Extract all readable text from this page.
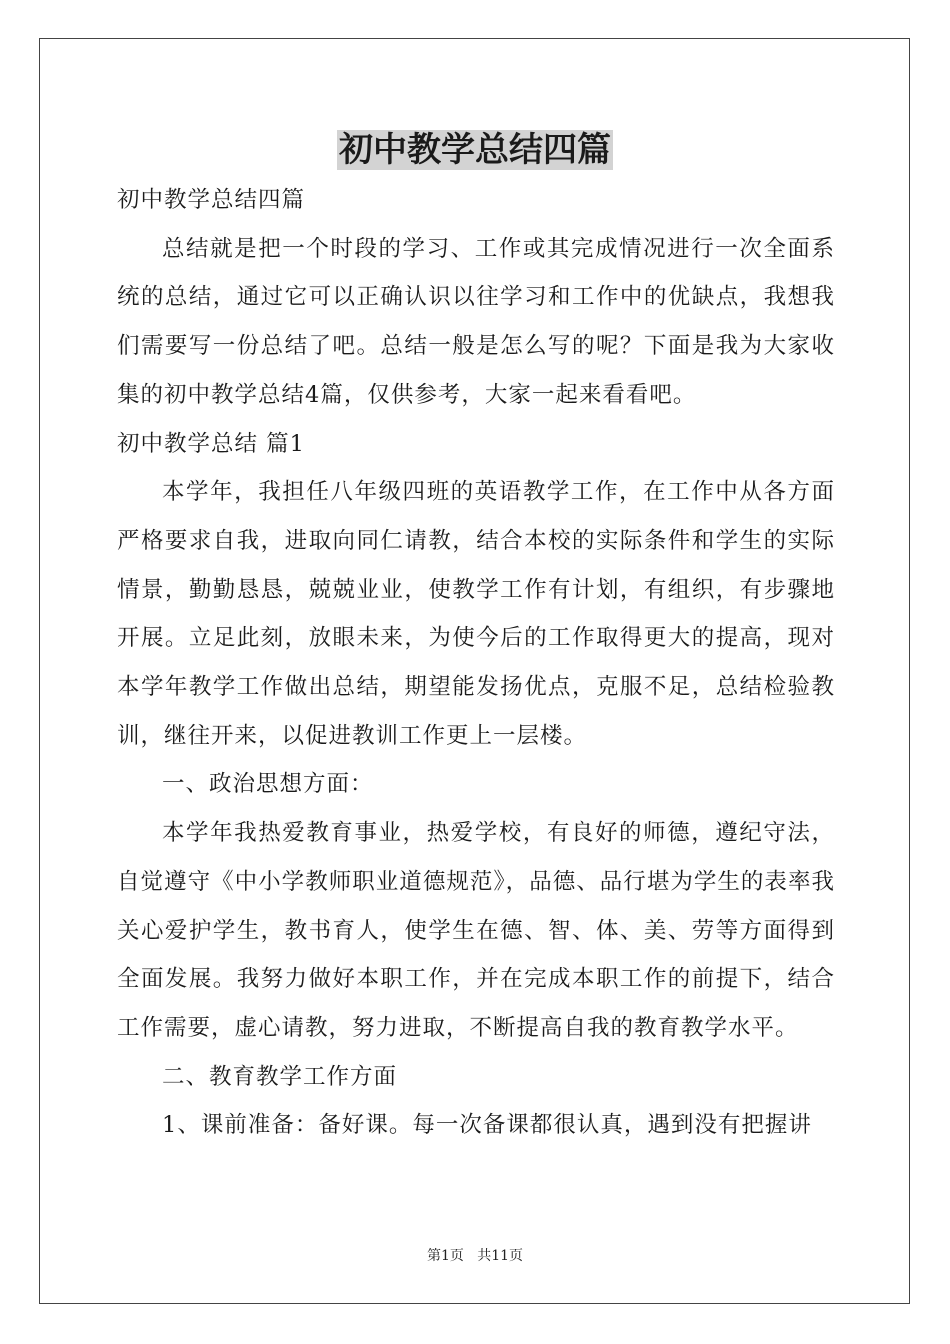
初中教学总结四篇

初中教学总结四篇

总结就是把一个时段的学习、工作或其完成情况进行一次全面系统的总结，通过它可以正确认识以往学习和工作中的优缺点，我想我们需要写一份总结了吧。总结一般是怎么写的呢？下面是我为大家收集的初中教学总结4篇，仅供参考，大家一起来看看吧。

初中教学总结 篇1

本学年，我担任八年级四班的英语教学工作，在工作中从各方面严格要求自我，进取向同仁请教，结合本校的实际条件和学生的实际情景，勤勤恳恳，兢兢业业，使教学工作有计划，有组织，有步骤地开展。立足此刻，放眼未来，为使今后的工作取得更大的提高，现对本学年教学工作做出总结，期望能发扬优点，克服不足，总结检验教训，继往开来，以促进教训工作更上一层楼。

一、政治思想方面：

本学年我热爱教育事业，热爱学校，有良好的师德，遵纪守法，自觉遵守《中小学教师职业道德规范》，品德、品行堪为学生的表率我关心爱护学生，教书育人，使学生在德、智、体、美、劳等方面得到全面发展。我努力做好本职工作，并在完成本职工作的前提下，结合工作需要，虚心请教，努力进取，不断提高自我的教育教学水平。

二、教育教学工作方面

1、课前准备：备好课。每一次备课都很认真，遇到没有把握讲

第1页   共11页
